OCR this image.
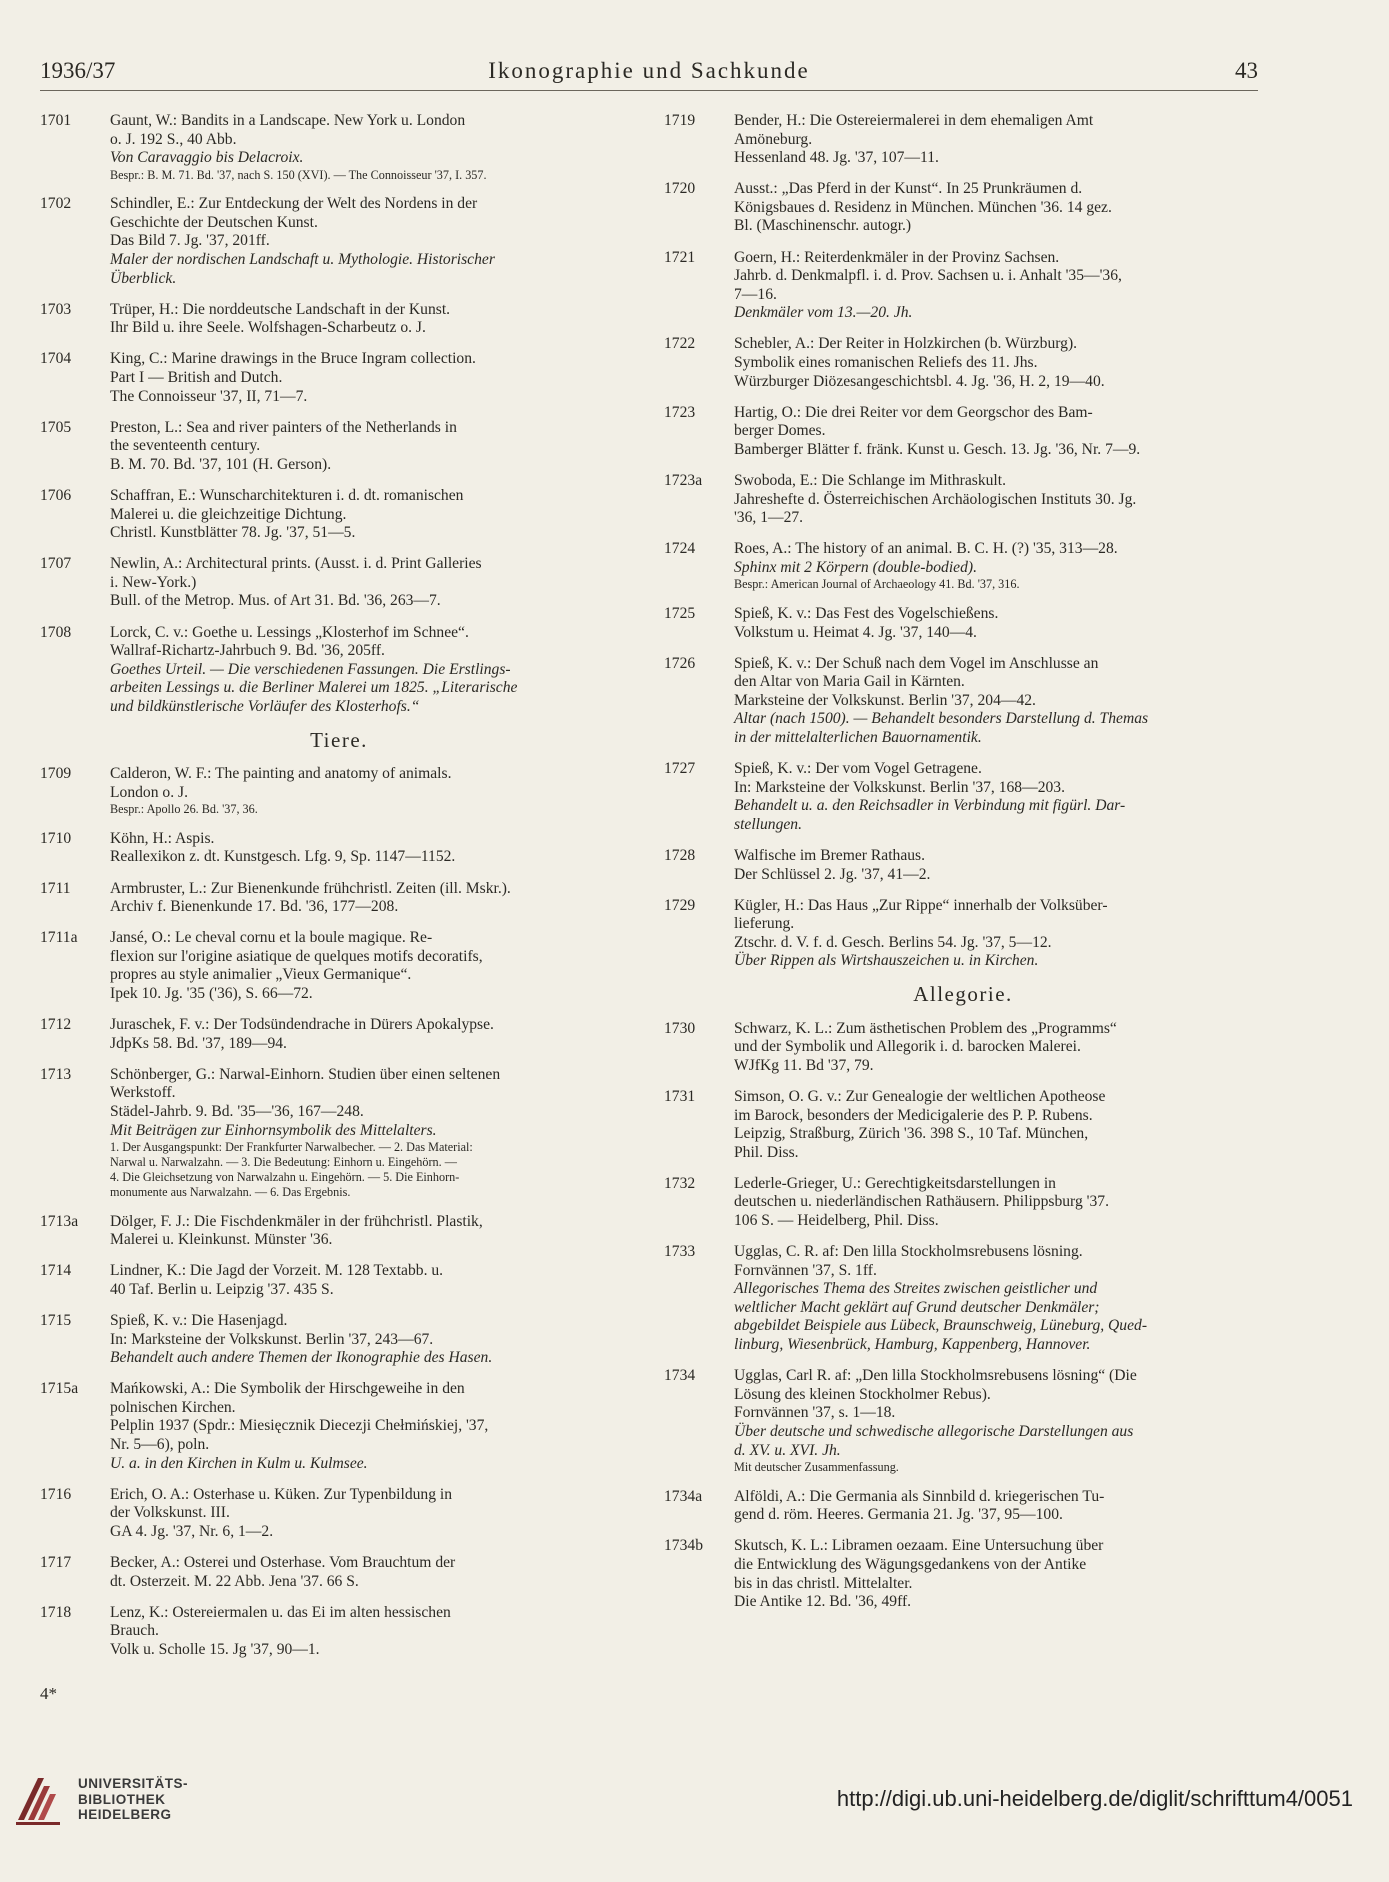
1936/37	Ikonographie und Sachkunde	43
1701 Gaunt, W.: Bandits in a Landscape. New York u. London
o. J. 192 S., 40 Abb.
Von Caravaggio bis Delacroix.
Bespr.: B. M. 71. Bd. '37, nach S. 150 (XVI). — The Connoisseur '37, I. 357.
1702 Schindler, E.: Zur Entdeckung der Welt des Nordens in der
Geschichte der Deutschen Kunst.
Das Bild 7. Jg. '37, 201ff.
Maler der nordischen Landschaft u. Mythologie. Historischer
Überblick.
1703 Trüper, H.: Die norddeutsche Landschaft in der Kunst.
Ihr Bild u. ihre Seele. Wolfshagen-Scharbeutz o. J.
1704 King, C.: Marine drawings in the Bruce Ingram collection.
Part I — British and Dutch.
The Connoisseur '37, II, 71—7.
1705 Preston, L.: Sea and river painters of the Netherlands in
the seventeenth century.
B. M. 70. Bd. '37, 101 (H. Gerson).
1706 Schaffran, E.: Wunscharchitekturen i. d. dt. romanischen
Malerei u. die gleichzeitige Dichtung.
Christl. Kunstblätter 78. Jg. '37, 51—5.
1707 Newlin, A.: Architectural prints. (Ausst. i. d. Print Galleries
i. New-York.)
Bull. of the Metrop. Mus. of Art 31. Bd. '36, 263—7.
1708 Lorck, C. v.: Goethe u. Lessings „Klosterhof im Schnee“.
Wallraf-Richartz-Jahrbuch 9. Bd. '36, 205ff.
Goethes Urteil. — Die verschiedenen Fassungen. Die Erstlings-
arbeiten Lessings u. die Berliner Malerei um 1825. „Literarische
und bildkünstlerische Vorläufer des Klosterhofs.“
Tiere.
1709 Calderon, W. F.: The painting and anatomy of animals.
London o. J.
Bespr.: Apollo 26. Bd. '37, 36.
1710 Köhn, H.: Aspis.
Reallexikon z. dt. Kunstgesch. Lfg. 9, Sp. 1147—1152.
1711	Armbruster, L.: Zur Bienenkunde frühchristl. Zeiten (ill. Mskr.).
Archiv f. Bienenkunde 17. Bd. '36, 177—208.
1711a Jansé, O.: Le cheval cornu et la boule magique. Re-
flexion sur l'origine asiatique de quelques motifs decoratifs,
propres au style animalier „Vieux Germanique“.
Ipek 10. Jg. '35 ('36), S. 66—72.
1712 Juraschek, F. v.: Der Todsündendrache in Dürers Apokalypse.
JdpKs 58. Bd. '37, 189—94.
1713 Schönberger, G.: Narwal-Einhorn. Studien über einen seltenen
Werkstoff.
Städel-Jahrb. 9. Bd. '35—'36, 167—248.
Mit Beiträgen zur Einhornsymbolik des Mittelalters.
1. Der Ausgangspunkt: Der Frankfurter Narwalbecher. — 2. Das Material:
Narwal u. Narwalzahn. — 3. Die Bedeutung: Einhorn u. Eingehörn. —
4. Die Gleichsetzung von Narwalzahn u. Eingehörn. — 5. Die Einhorn-
monumente aus Narwalzahn. — 6. Das Ergebnis.
1713a Dölger, F. J.: Die Fischdenkmäler in der frühchristl. Plastik,
Malerei u. Kleinkunst. Münster '36.
1714 Lindner, K.: Die Jagd der Vorzeit. M. 128 Textabb. u.
40 Taf. Berlin u. Leipzig '37. 435 S.
1715 Spieß, K. v.: Die Hasenjagd.
In: Marksteine der Volkskunst. Berlin '37, 243—67.
Behandelt auch andere Themen der Ikonographie des Hasen.
1715a Mańkowski, A.: Die Symbolik der Hirschgeweihe in den
polnischen Kirchen.
Pelplin 1937 (Spdr.: Miesięcznik Diecezji Chełmińskiej, '37,
Nr. 5—6), poln.
U. a. in den Kirchen in Kulm u. Kulmsee.
1716 Erich, O. A.: Osterhase u. Küken. Zur Typenbildung in
der Volkskunst. III.
GA 4. Jg. '37, Nr. 6, 1—2.
1717 Becker, A.: Osterei und Osterhase. Vom Brauchtum der
dt. Osterzeit. M. 22 Abb. Jena '37. 66 S.
1718 Lenz, K.: Ostereiermalen u. das Ei im alten hessischen
Brauch.
Volk u. Scholle 15. Jg '37, 90—1.
1719 Bender, H.: Die Ostereiermalerei in dem ehemaligen Amt
Amöneburg.
Hessenland 48. Jg. '37, 107—11.
1720 Ausst.: „Das Pferd in der Kunst“. In 25 Prunkräumen d.
Königsbaues d. Residenz in München. München '36. 14 gez.
Bl. (Maschinenschr. autogr.)
1721 Goern, H.: Reiterdenkmäler in der Provinz Sachsen.
Jahrb. d. Denkmalpfl. i. d. Prov. Sachsen u. i. Anhalt '35—'36,
7—16.
Denkmäler vom 13.—20. Jh.
1722 Schebler, A.: Der Reiter in Holzkirchen (b. Würzburg).
Symbolik eines romanischen Reliefs des 11. Jhs.
Würzburger Diözesangeschichtsbl. 4. Jg. '36, H. 2, 19—40.
1723 Hartig, O.: Die drei Reiter vor dem Georgschor des Bam-
berger Domes.
Bamberger Blätter f. fränk. Kunst u. Gesch. 13. Jg. '36, Nr. 7—9.
1723a Swoboda, E.: Die Schlange im Mithraskult.
Jahreshefte d. Österreichischen Archäologischen Instituts 30. Jg.
'36, 1—27.
1724 Roes, A.: The history of an animal. B. C. H. (?) '35, 313—28.
Sphinx mit 2 Körpern (double-bodied).
Bespr.: American Journal of Archaeology 41. Bd. '37, 316.
1725 Spieß, K. v.: Das Fest des Vogelschießens.
Volkstum u. Heimat 4. Jg. '37, 140—4.
1726 Spieß, K. v.: Der Schuß nach dem Vogel im Anschlusse an
den Altar von Maria Gail in Kärnten.
Marksteine der Volkskunst. Berlin '37, 204—42.
Altar (nach 1500). — Behandelt besonders Darstellung d. Themas
in der mittelalterlichen Bauornamentik.
1727 Spieß, K. v.: Der vom Vogel Getragene.
In: Marksteine der Volkskunst. Berlin '37, 168—203.
Behandelt u. a. den Reichsadler in Verbindung mit figürl. Dar-
stellungen.
1728 Walfische im Bremer Rathaus.
Der Schlüssel 2. Jg. '37, 41—2.
1729 Kügler, H.: Das Haus „Zur Rippe“ innerhalb der Volksüber-
lieferung.
Ztschr. d. V. f. d. Gesch. Berlins 54. Jg. '37, 5—12.
Über Rippen als Wirtshauszeichen u. in Kirchen.
Allegorie.
1730 Schwarz, K. L.: Zum ästhetischen Problem des „Programms“
und der Symbolik und Allegorik i. d. barocken Malerei.
WJfKg 11. Bd '37, 79.
1731 Simson, O. G. v.: Zur Genealogie der weltlichen Apotheose
im Barock, besonders der Medicigalerie des P. P. Rubens.
Leipzig, Straßburg, Zürich '36. 398 S., 10 Taf. München,
Phil. Diss.
1732 Lederle-Grieger, U.: Gerechtigkeitsdarstellungen in
deutschen u. niederländischen Rathäusern. Philippsburg '37.
106 S. — Heidelberg, Phil. Diss.
1733 Ugglas, C. R. af: Den lilla Stockholmsrebusens lösning.
Fornvännen '37, S. 1ff.
Allegorisches Thema des Streites zwischen geistlicher und
weltlicher Macht geklärt auf Grund deutscher Denkmäler;
abgebildet Beispiele aus Lübeck, Braunschweig, Lüneburg, Qued-
linburg, Wiesenbrück, Hamburg, Kappenberg, Hannover.
1734 Ugglas, Carl R. af: „Den lilla Stockholmsrebusens lösning“ (Die
Lösung des kleinen Stockholmer Rebus).
Fornvännen '37, s. 1—18.
Über deutsche und schwedische allegorische Darstellungen aus
d. XV. u. XVI. Jh.
Mit deutscher Zusammenfassung.
1734a Alföldi, A.: Die Germania als Sinnbild d. kriegerischen Tu-
gend d. röm. Heeres. Germania 21. Jg. '37, 95—100.
1734b Skutsch, K. L.: Libramen oezaam. Eine Untersuchung über
die Entwicklung des Wägungsgedankens von der Antike
bis in das christl. Mittelalter.
Die Antike 12. Bd. '36, 49ff.
4*
UNIVERSITÄTS-
BIBLIOTHEK
HEIDELBERG
http://digi.ub.uni-heidelberg.de/diglit/schrifttum4/0051
